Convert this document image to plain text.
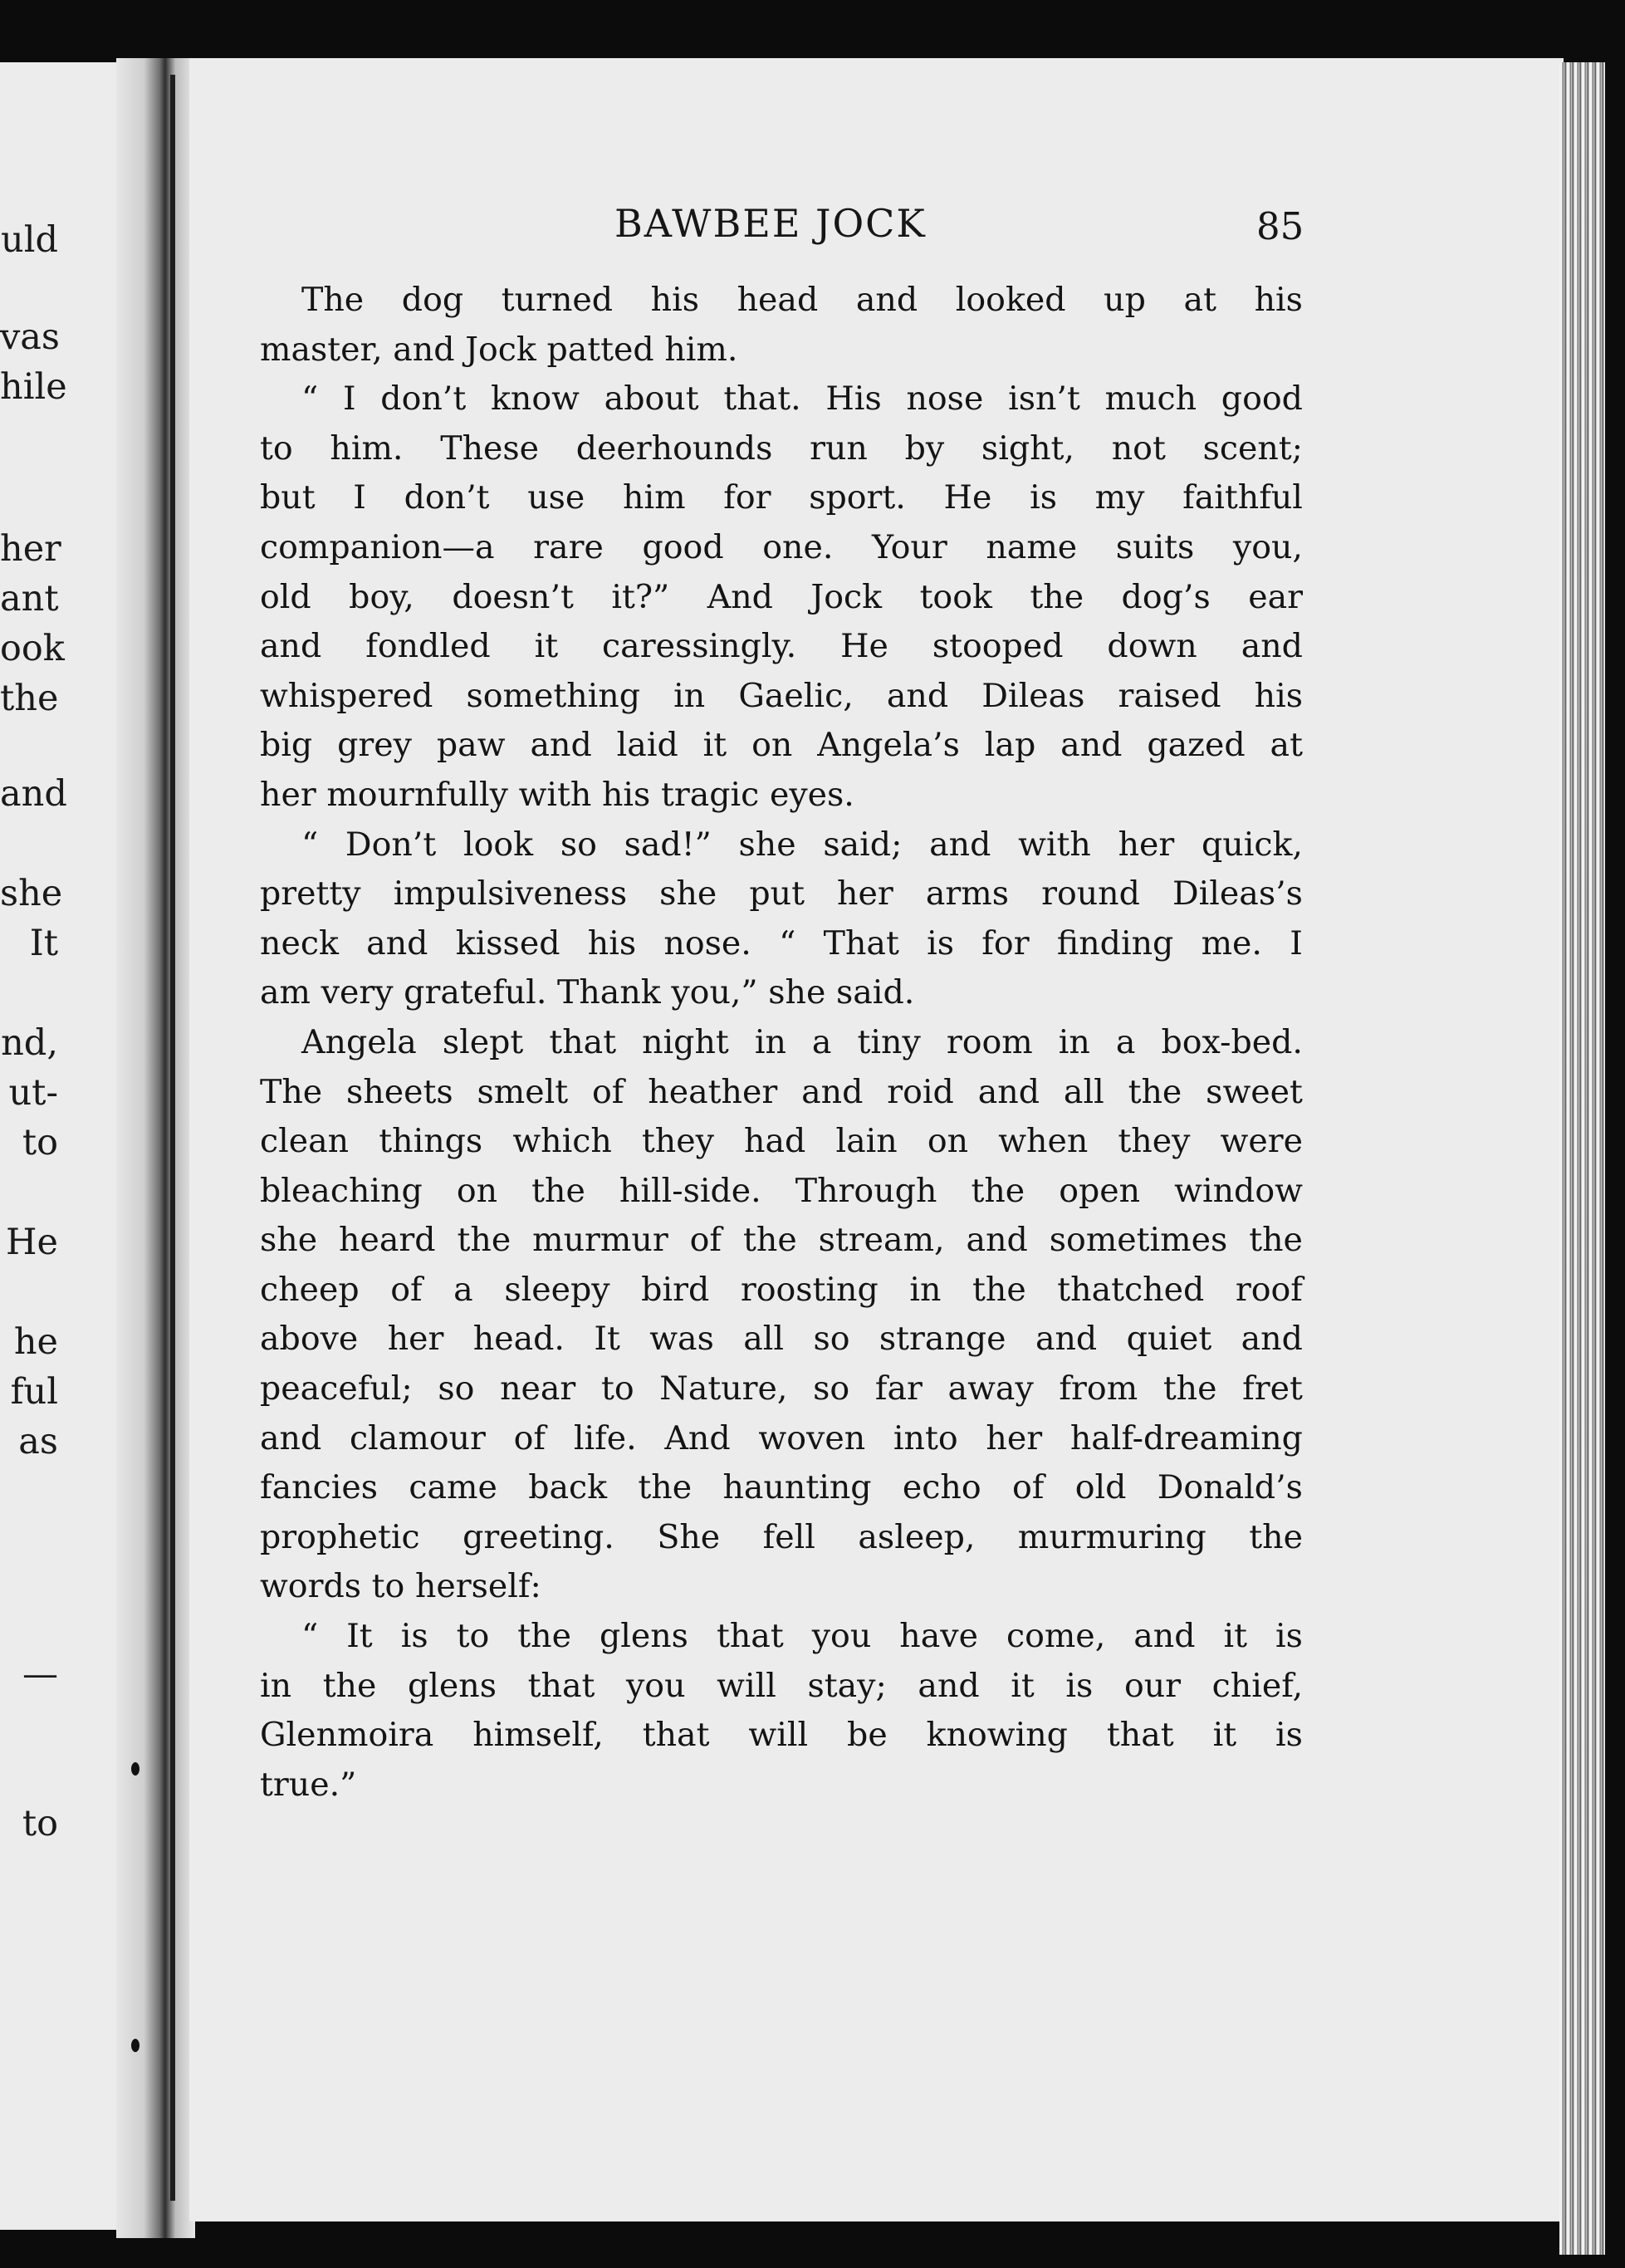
uld
vas
hile
her
ant
ook
the
and
she
It
nd,
ut-
to
He
he
ful
as
—
to
BAWBEE JOCK	85
The dog turned his head and looked up at his
master, and Jock patted him.
“ I don’t know about that. His nose isn’t much good
to him. These deerhounds run by sight, not scent;
but I don’t use him for sport. He is my faithful
companion—a rare good one. Your name suits you,
old boy, doesn’t it?” And Jock took the dog’s ear
and fondled it caressingly. He stooped down and
whispered something in Gaelic, and Dileas raised his
big grey paw and laid it on Angela’s lap and gazed at
her mournfully with his tragic eyes.
“ Don’t look so sad!” she said; and with her quick,
pretty impulsiveness she put her arms round Dileas’s
neck and kissed his nose. “ That is for finding me. I
am very grateful. Thank you,” she said.
Angela slept that night in a tiny room in a box-bed.
The sheets smelt of heather and roid and all the sweet
clean things which they had lain on when they were
bleaching on the hill-side. Through the open window
she heard the murmur of the stream, and sometimes the
cheep of a sleepy bird roosting in the thatched roof
above her head. It was all so strange and quiet and
peaceful; so near to Nature, so far away from the fret
and clamour of life. And woven into her half-dreaming
fancies came back the haunting echo of old Donald’s
prophetic greeting. She fell asleep, murmuring the
words to herself:
“ It is to the glens that you have come, and it is
in the glens that you will stay; and it is our chief,
Glenmoira himself, that will be knowing that it is
true.”
